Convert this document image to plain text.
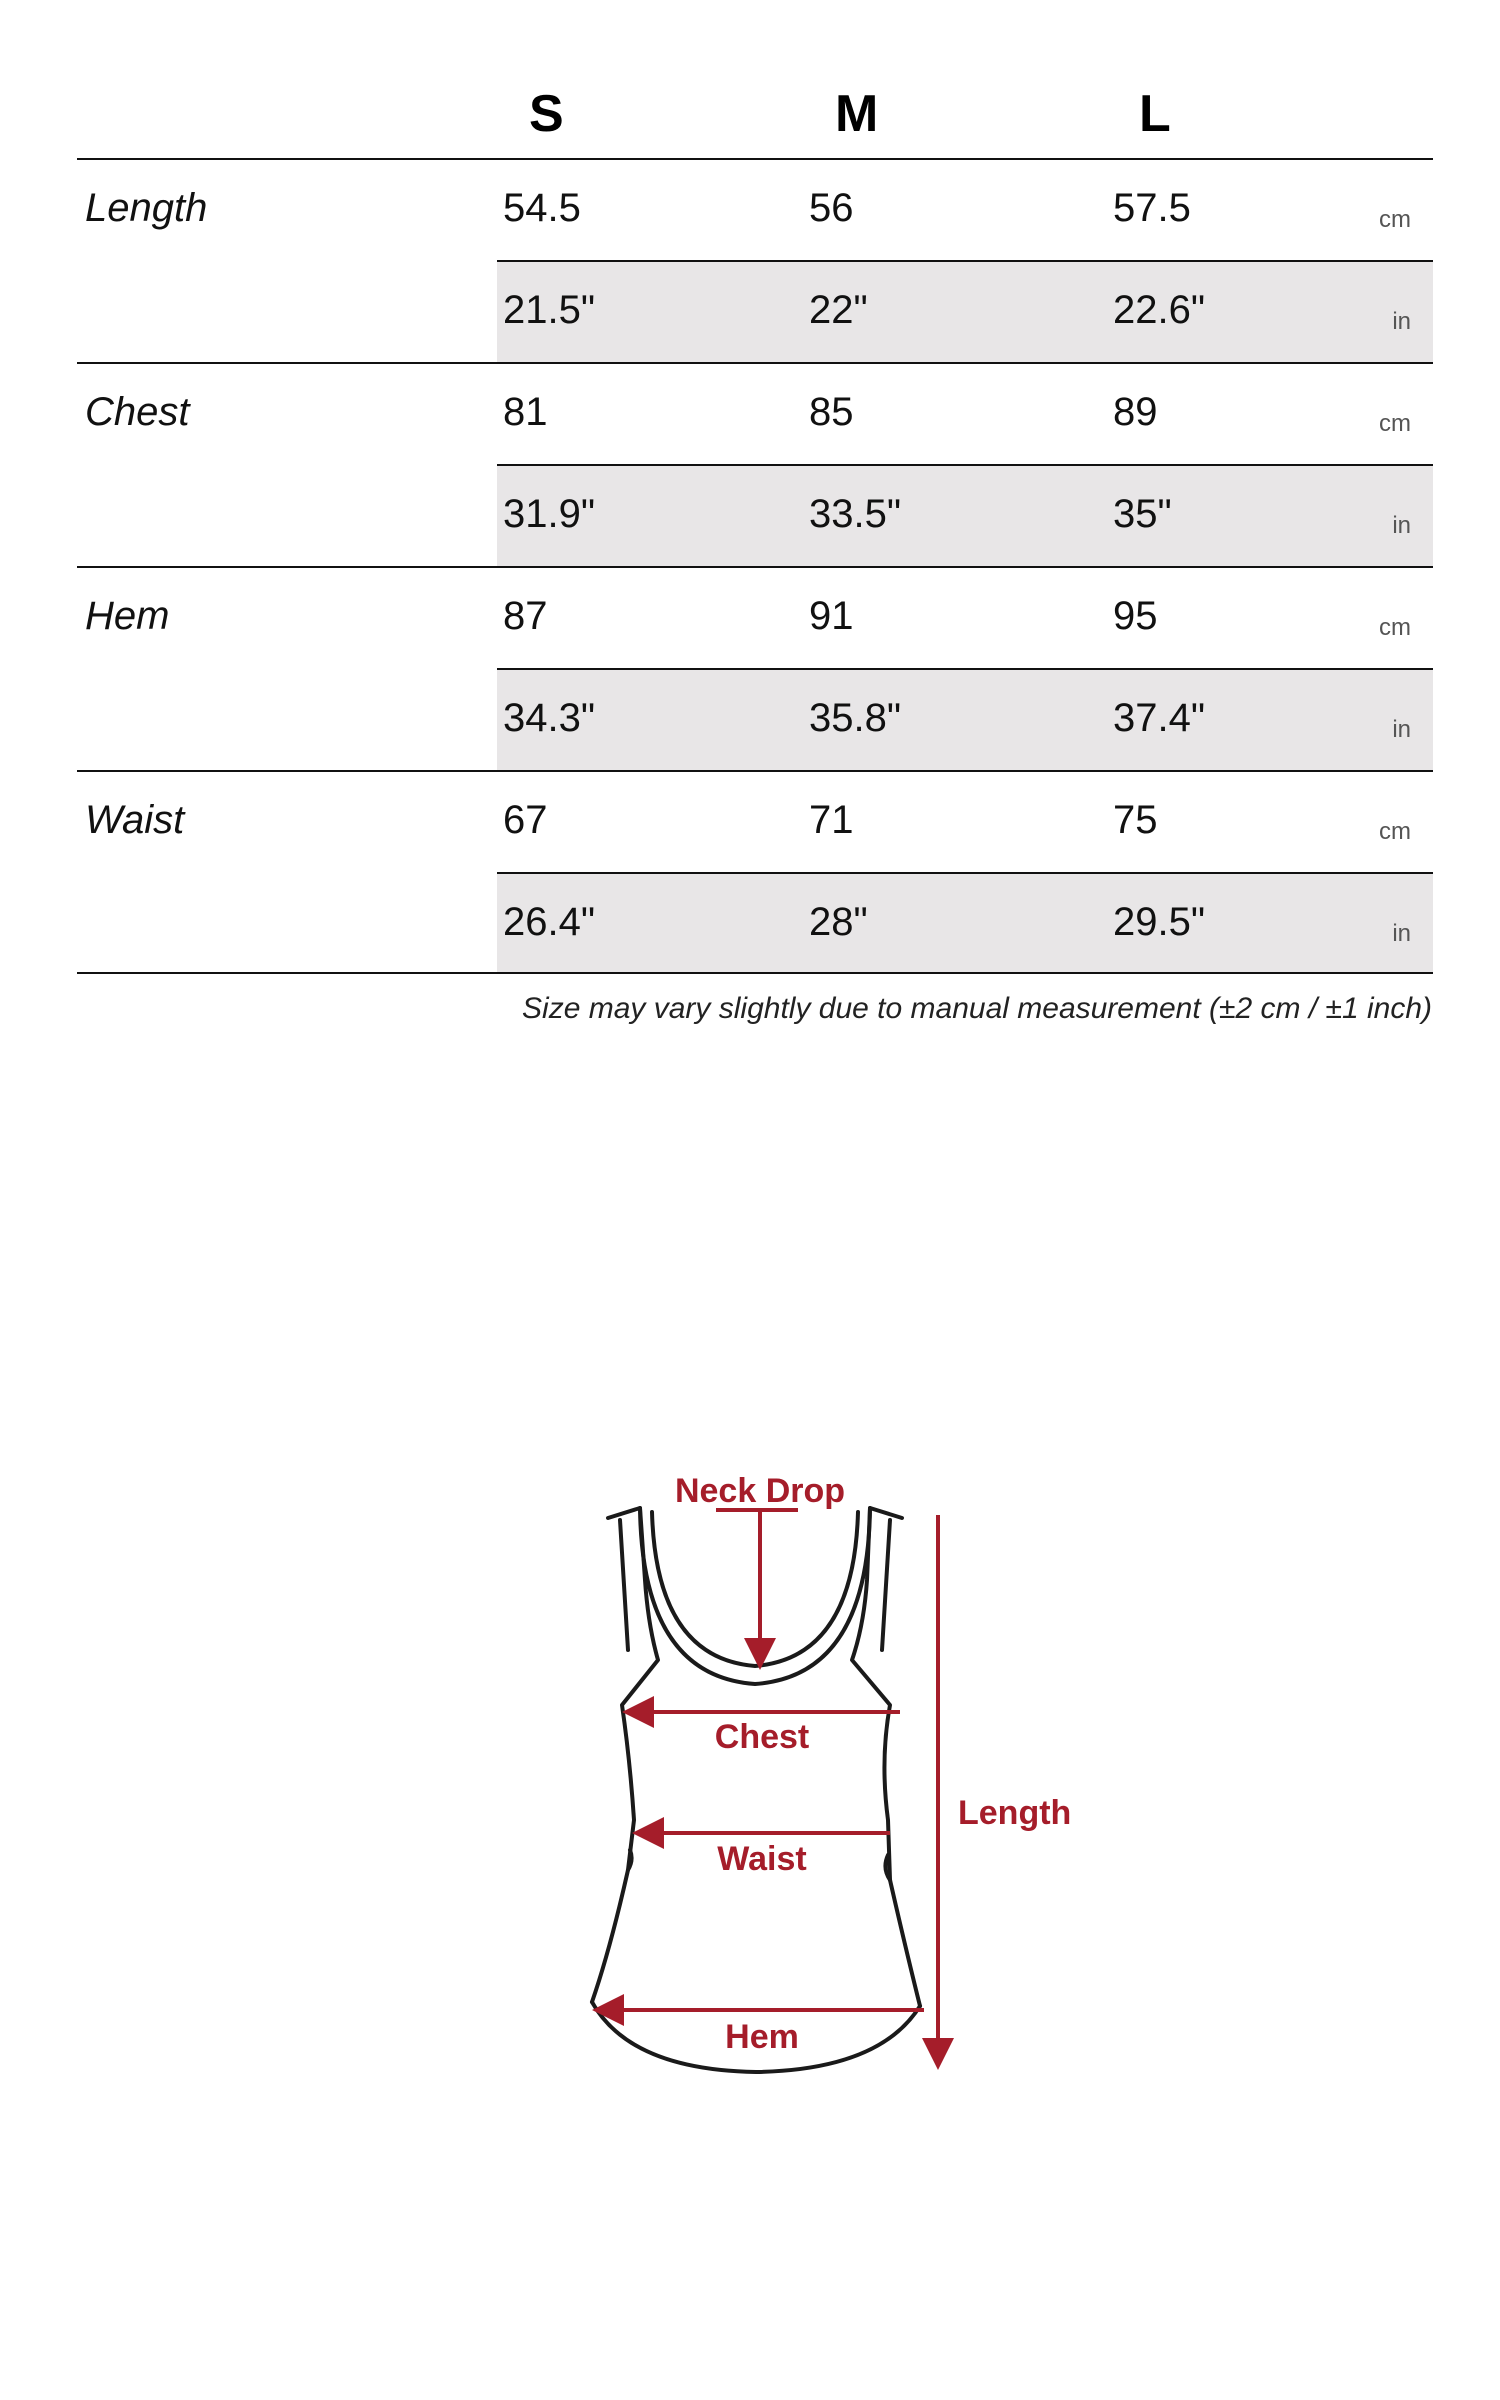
S	M	L
Length	54.5	56	57.5	cm
21.5"	22"	22.6"	in
Chest	81	85	89	cm
31.9"	33.5"	35"	in
Hem	87	91	95	cm
34.3"	35.8"	37.4"	in
Waist	67	71	75	cm
26.4"	28"	29.5"	in
Size may vary slightly due to manual measurement (±2 cm / ±1 inch)
Neck Drop
Chest
Waist
Hem
Length
